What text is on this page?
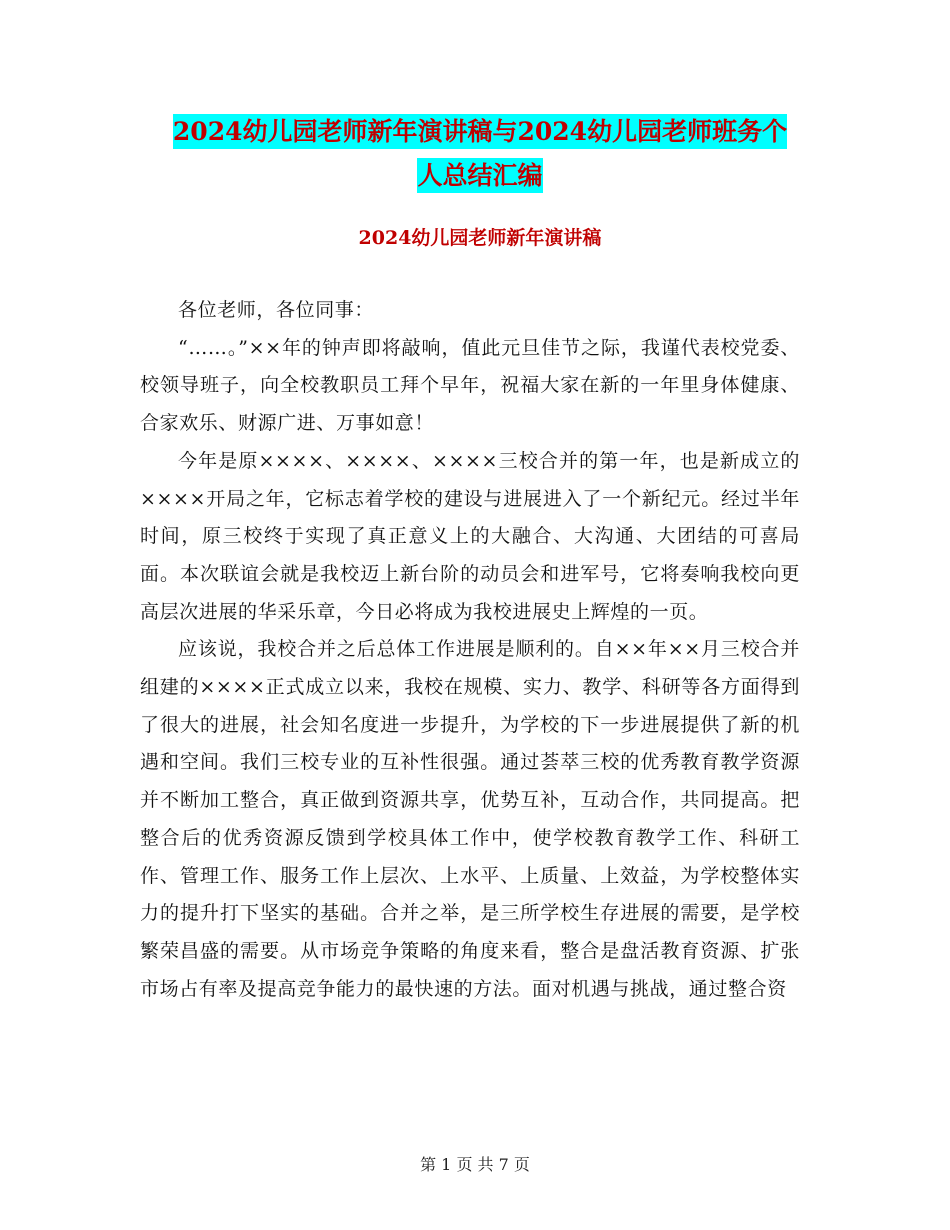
2024幼儿园老师新年演讲稿与2024幼儿园老师班务个
人总结汇编
2024幼儿园老师新年演讲稿

各位老师，各位同事：

“……。”××年的钟声即将敲响，值此元旦佳节之际，我谨代表校党委、校领导班子，向全校教职员工拜个早年，祝福大家在新的一年里身体健康、合家欢乐、财源广进、万事如意！

今年是原××××、××××、××××三校合并的第一年，也是新成立的××××开局之年，它标志着学校的建设与进展进入了一个新纪元。经过半年时间，原三校终于实现了真正意义上的大融合、大沟通、大团结的可喜局面。本次联谊会就是我校迈上新台阶的动员会和进军号，它将奏响我校向更高层次进展的华采乐章，今日必将成为我校进展史上辉煌的一页。

应该说，我校合并之后总体工作进展是顺利的。自××年××月三校合并组建的××××正式成立以来，我校在规模、实力、教学、科研等各方面得到了很大的进展，社会知名度进一步提升，为学校的下一步进展提供了新的机遇和空间。我们三校专业的互补性很强。通过荟萃三校的优秀教育教学资源并不断加工整合，真正做到资源共享，优势互补，互动合作，共同提高。把整合后的优秀资源反馈到学校具体工作中，使学校教育教学工作、科研工作、管理工作、服务工作上层次、上水平、上质量、上效益，为学校整体实力的提升打下坚实的基础。合并之举，是三所学校生存进展的需要，是学校繁荣昌盛的需要。从市场竞争策略的角度来看，整合是盘活教育资源、扩张市场占有率及提高竞争能力的最快速的方法。面对机遇与挑战，通过整合资

第 1 页 共 7 页
